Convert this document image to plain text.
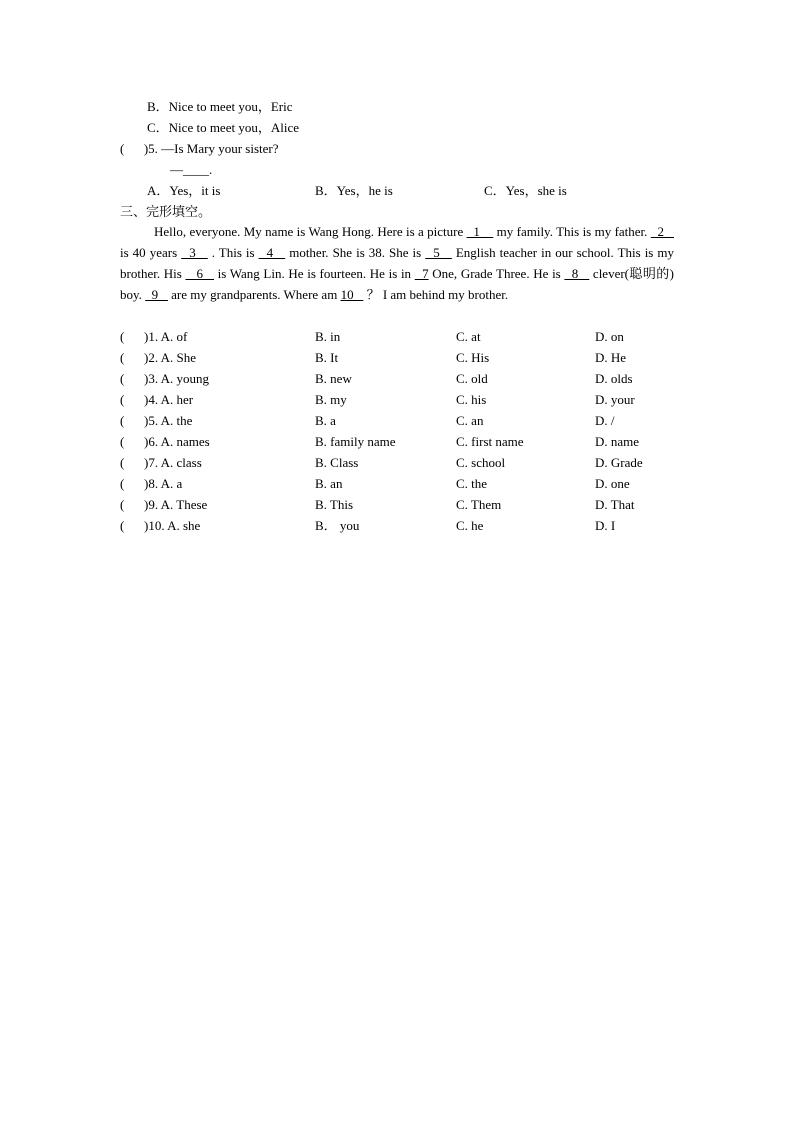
B．Nice to meet you，Eric
C．Nice to meet you，Alice
(      )5. —Is Mary your sister?
—____.
A．Yes，it is	B．Yes，he is	C．Yes，she is
三、完形填空。

Hello, everyone. My name is Wang Hong. Here is a picture   1     my family. This is my father.   2    is 40 years   3    . This is   4    mother. She is 38. She is   5    English teacher in our school. This is my brother. His    6    is Wang Lin. He is fourteen. He is in   7 One, Grade Three. He is   8    clever(聪明的) boy.   9    are my grandparents. Where am 10    ？ I am behind my brother.

( )1. A. of	B. in	C. at	D. on
( )2. A. She	B. It	C. His	D. He
( )3. A. young	B. new	C. old	D. olds
( )4. A. her	B. my	C. his	D. your
( )5. A. the	B. a	C. an	D. /
( )6. A. names	B. family name	C. first name	D. name
( )7. A. class	B. Class	C. school	D. Grade
( )8. A. a	B. an	C. the	D. one
( )9. A. These	B. This	C. Them	D. That
( )10. A. she	B． you	C. he	D. I
